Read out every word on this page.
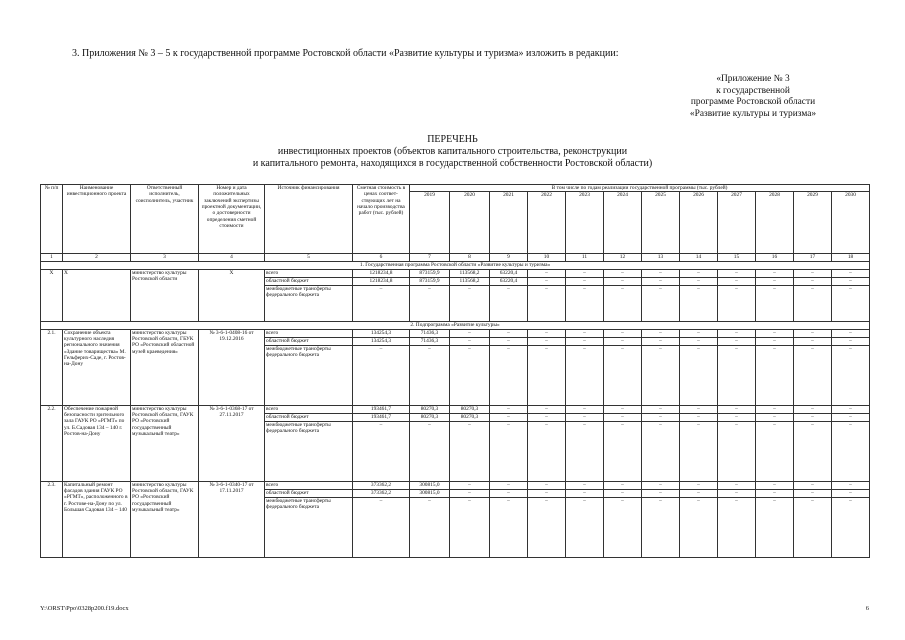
3. Приложения № 3 – 5 к государственной программе Ростовской области «Развитие культуры и туризма» изложить в редакции:
«Приложение № 3
к государственной
программе Ростовской области
«Развитие культуры и туризма»
ПЕРЕЧЕНЬ
инвестиционных проектов (объектов капитального строительства, реконструкции
и капитального ремонта, находящихся в государственной собственности Ростовской области)
№ п/п	Наименование инвестиционного проекта	Ответственный исполнитель, соисполнитель, участник	Номер и дата положительных заключений экспертизы проектной документации, о достоверности определения сметной стоимости	Источник финансирования	Сметная стоимость в ценах соответ-ствующих лет на начало производства работ (тыс. рублей)	В том числе по годам реализации государственной программы (тыс. рублей)											
						2019	2020	2021	2022	2023	2024	2025	2026	2027	2028	2029	2030
1	2	3	4	5	6	7	8	9	10	11	12	13	14	15	16	17	18
1. Государственная программа Ростовской области «Развитие культуры и туризма»																	
Х	Х	министерство культуры Ростовской области	Х	всего	1218234,8	873159,9	113568,2	63220,4	–	–	–	–	–	–	–	–	–
				областной бюджет	1218234,8	873159,9	113568,2	63220,4	–	–	–	–	–	–	–	–	–
				межбюджетные трансферты федерального бюджета	–	–	–	–	–	–	–	–	–	–	–	–	–
2. Подпрограмма «Развитие культуры»																	
2.1.	Сохранение объекта культурного наследия регионального значения «Здание товарищества» М. Гельфериx-Саде, г. Ростов-на-Дону	министерство культуры Ростовской области, ГБУК РО «Ростовский областной музей краеведения»	№ 3-6-1-0408-16 от 19.12.2016	всего	134254,3	71436,3	–	–	–	–	–	–	–	–	–	–	–
				областной бюджет	134254,3	71436,3	–	–	–	–	–	–	–	–	–	–	–
				межбюджетные трансферты федерального бюджета	–	–	–	–	–	–	–	–	–	–	–	–	–
2.2.	Обеспечение пожарной безопасности зрительного зала ГАУК РО «РГМТ» по ул. Б.Садовая 134 – 140 г. Ростов-на-Дону	министерство культуры Ростовской области, ГАУК РО «Ростовский государственный музыкальный театр»	№ 3-6-1-0368-17 от 27.11.2017	всего	193461,7	80270,3	80270,3	–	–	–	–	–	–	–	–	–	–
				областной бюджет	193461,7	80270,3	80270,3	–	–	–	–	–	–	–	–	–	–
				межбюджетные трансферты федерального бюджета	–	–	–	–	–	–	–	–	–	–	–	–	–
2.3.	Капитальный ремонт фасадов здания ГАУК РО «РГМТ», расположенного в г. Ростове-на-Дону по ул. Большая Садовая 134 – 140	министерство культуры Ростовской области, ГАУК РО «Ростовский государственный музыкальный театр»	№ 3-6-1-0340-17 от 17.11.2017	всего	373362,2	300815,0	–	–	–	–	–	–	–	–	–	–	–
				областной бюджет	373362,2	300815,0	–	–	–	–	–	–	–	–	–	–	–
				межбюджетные трансферты федерального бюджета	–	–	–	–	–	–	–	–	–	–	–	–	–
Y:\ORST\Ppo\0328p200.f19.docx	6
